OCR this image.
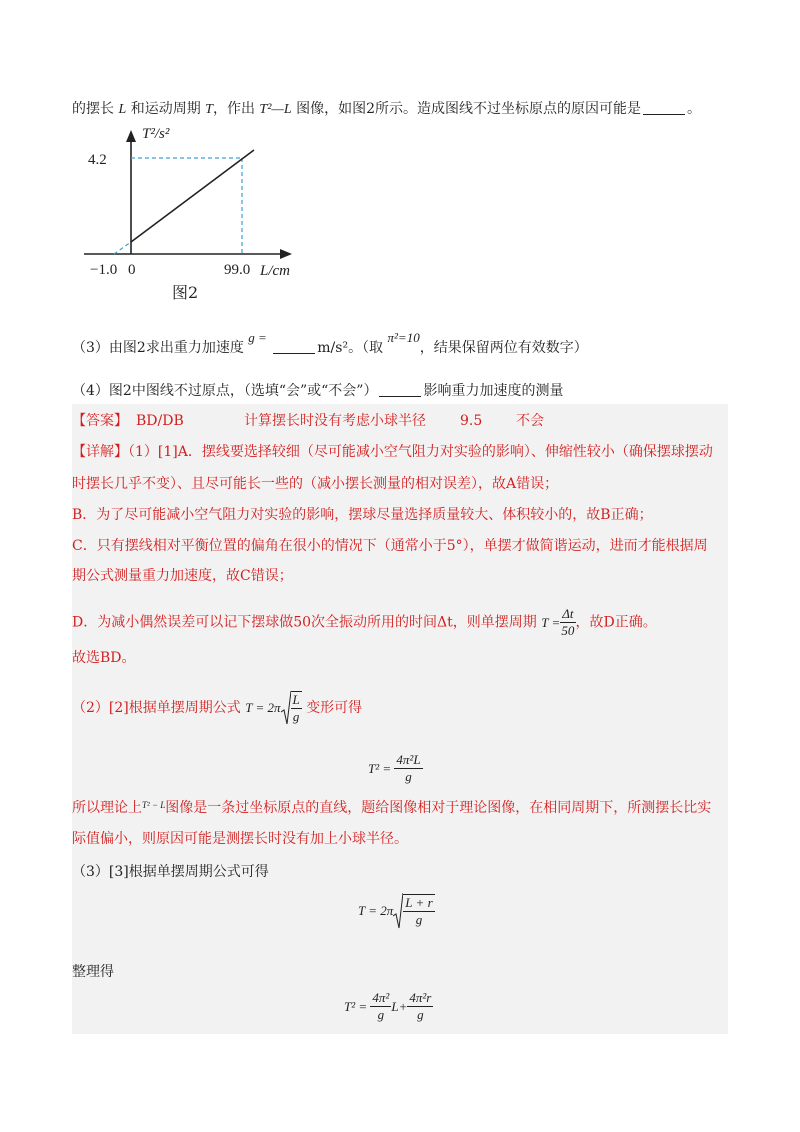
的摆长 L 和运动周期 T，作出 T²—L 图像，如图2所示。造成图线不过坐标原点的原因可能是	。
T²/s²
4.2
−1.0 0	99.0 L/cm
图2
（3）由图2求出重力加速度 g = m/s²。（取 π²=10，结果保留两位有效数字）
（4）图2中图线不过原点，（选填“会”或“不会”）	影响重力加速度的测量
【答案】 BD/DB	计算摆长时没有考虑小球半径 9.5 不会
【详解】（1）[1]A．摆线要选择较细（尽可能减小空气阻力对实验的影响）、伸缩性较小（确保摆球摆动
时摆长几乎不变）、且尽可能长一些的（减小摆长测量的相对误差），故A错误；
B．为了尽可能减小空气阻力对实验的影响，摆球尽量选择质量较大、体积较小的，故B正确；
C．只有摆线相对平衡位置的偏角在很小的情况下（通常小于5°），单摆才做简谐运动，进而才能根据周
期公式测量重力加速度，故C错误；
D．为减小偶然误差可以记下摆球做50次全振动所用的时间Δt，则单摆周期 $T = \frac{\Delta t}{50}$ ，故D正确。
故选BD。
（2）[2]根据单摆周期公式 T =
$2\pi \frac{L}{g}$ 变形可得
T²
=
$\frac{\text{4π²L}}{g}$
所以理论上$^{T^2 - L}$图像是一条过坐标原点的直线，题给图像相对于理论图像，在相同周期下，所测摆长比实
际值偏小，则原因可能是测摆长时没有加上小球半径。
（3）[3]根据单摆周期公式可得
T =
$2\pi \frac{L + r}{g}$
整理得
T²
=
$\frac{\text{4π²}}{g}$ $L + \frac{\text{4π²r}}{g}$
